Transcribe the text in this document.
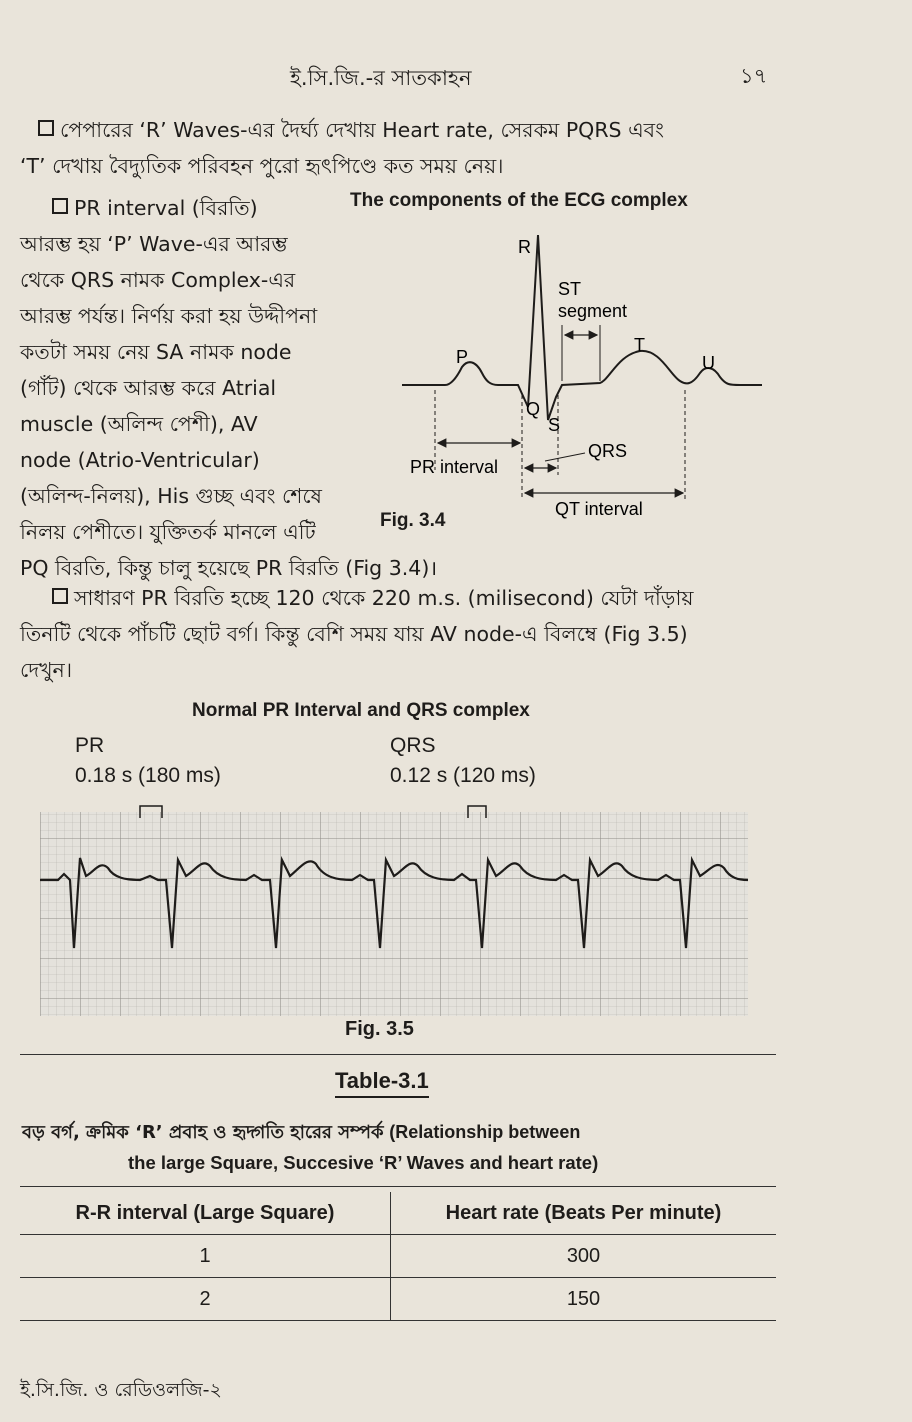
ই.সি.জি.-র সাতকাহন	১৭
পেপারের ‘R’ Waves-এর দৈর্ঘ্য দেখায় Heart rate, সেরকম PQRS এবং
‘T’ দেখায় বৈদ্যুতিক পরিবহন পুরো হৃৎপিণ্ডে কত সময় নেয়।
PR interval (বিরতি)
আরম্ভ হয় ‘P’ Wave-এর আরম্ভ
থেকে QRS নামক Complex-এর
আরম্ভ পর্যন্ত। নির্ণয় করা হয় উদ্দীপনা
কতটা সময় নেয় SA নামক node
(গাঁট) থেকে আরম্ভ করে Atrial
muscle (অলিন্দ পেশী), AV
node (Atrio-Ventricular)
(অলিন্দ-নিলয়), His গুচ্ছ এবং শেষে
নিলয় পেশীতে। যুক্তিতর্ক মানলে এটি
PQ বিরতি, কিন্তু চালু হয়েছে PR বিরতি (Fig 3.4)।
The components of the ECG complex
R
P
Q
S
T
U
ST
segment
QRS
PR interval
QT interval
Fig. 3.4
সাধারণ PR বিরতি হচ্ছে 120 থেকে 220 m.s. (milisecond) যেটা দাঁড়ায়
তিনটি থেকে পাঁচটি ছোট বর্গ। কিন্তু বেশি সময় যায় AV node-এ বিলম্বে (Fig 3.5)
দেখুন।
Normal PR Interval and QRS complex
PR
0.18 s (180 ms)
QRS
0.12 s (120 ms)
Fig. 3.5
Table-3.1
বড় বর্গ, ক্রমিক ‘R’ প্রবাহ ও হৃদ্গতি হারের সম্পর্ক (Relationship between
the large Square, Succesive ‘R’ Waves and heart rate)
R-R interval (Large Square)	Heart rate (Beats Per minute)
1	300
2	150
ই.সি.জি. ও রেডিওলজি-২
